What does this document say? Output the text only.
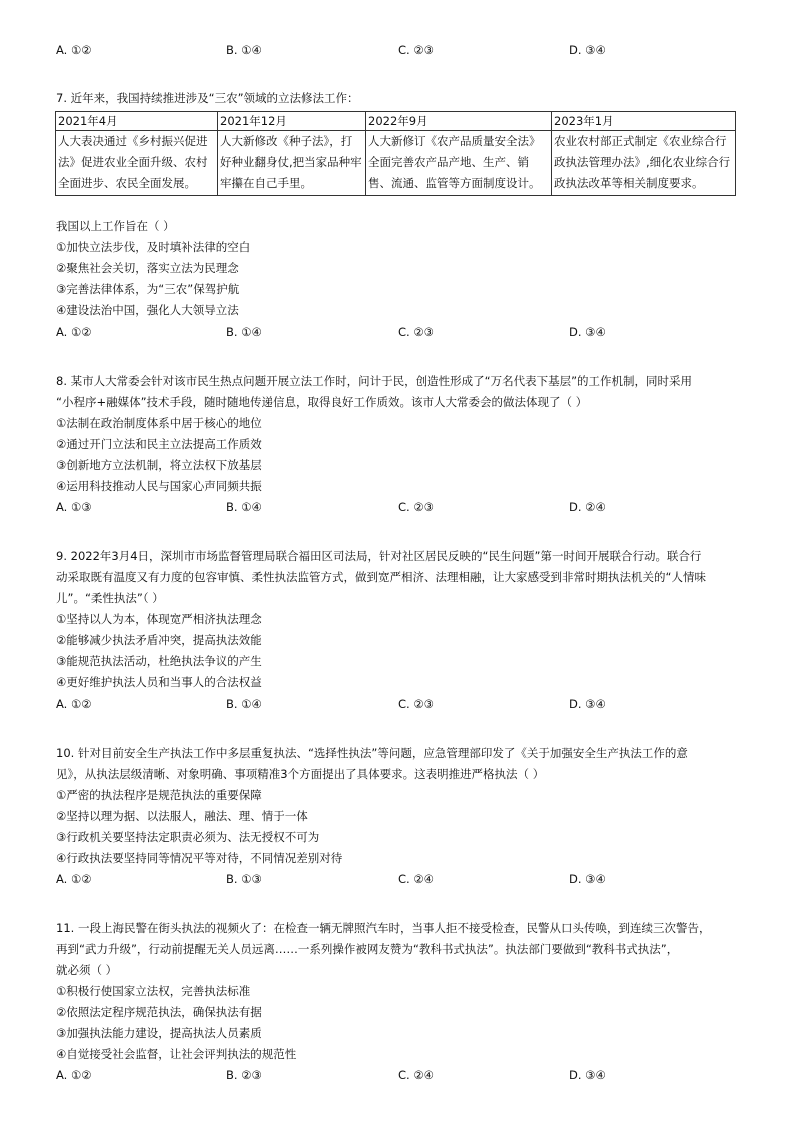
A. ①②	B. ①④	C. ②③	D. ③④
7. 近年来，我国持续推进涉及“三农”领域的立法修法工作：
2021年4月	2021年12月	2022年9月	2023年1月
人大表决通过《乡村振兴促进法》促进农业全面升级、农村全面进步、农民全面发展。	人大新修改《种子法》，打好种业翻身仗,把当家品种牢牢攥在自己手里。	人大新修订《农产品质量安全法》全面完善农产品产地、生产、销售、流通、监管等方面制度设计。	农业农村部正式制定《农业综合行政执法管理办法》,细化农业综合行政执法改革等相关制度要求。
我国以上工作旨在（ ）
①加快立法步伐，及时填补法律的空白
②聚焦社会关切，落实立法为民理念
③完善法律体系，为“三农”保驾护航
④建设法治中国，强化人大领导立法
A. ①②	B. ①④	C. ②③	D. ③④
8. 某市人大常委会针对该市民生热点问题开展立法工作时，问计于民，创造性形成了“万名代表下基层”的工作机制，同时采用
“小程序+融媒体”技术手段，随时随地传递信息，取得良好工作质效。该市人大常委会的做法体现了（ ）
①法制在政治制度体系中居于核心的地位
②通过开门立法和民主立法提高工作质效
③创新地方立法机制，将立法权下放基层
④运用科技推动人民与国家心声同频共振
A. ①③	B. ①④	C. ②③	D. ②④
9. 2022年3月4日，深圳市市场监督管理局联合福田区司法局，针对社区居民反映的“民生问题”第一时间开展联合行动。联合行
动采取既有温度又有力度的包容审慎、柔性执法监管方式，做到宽严相济、法理相融，让大家感受到非常时期执法机关的“人情味
儿”。“柔性执法”（ ）
①坚持以人为本，体现宽严相济执法理念
②能够减少执法矛盾冲突，提高执法效能
③能规范执法活动，杜绝执法争议的产生
④更好维护执法人员和当事人的合法权益
A. ①②	B. ①④	C. ②③	D. ③④
10. 针对目前安全生产执法工作中多层重复执法、“选择性执法”等问题，应急管理部印发了《关于加强安全生产执法工作的意
见》，从执法层级清晰、对象明确、事项精准3个方面提出了具体要求。这表明推进严格执法（ ）
①严密的执法程序是规范执法的重要保障
②坚持以理为据、以法服人，融法、理、情于一体
③行政机关要坚持法定职责必须为、法无授权不可为
④行政执法要坚持同等情况平等对待，不同情况差别对待
A. ①②	B. ①③	C. ②④	D. ③④
11. 一段上海民警在街头执法的视频火了：在检查一辆无牌照汽车时，当事人拒不接受检查，民警从口头传唤，到连续三次警告，
再到“武力升级”，行动前提醒无关人员远离……一系列操作被网友赞为“教科书式执法”。执法部门要做到“教科书式执法”，
就必须（ ）
①积极行使国家立法权，完善执法标准
②依照法定程序规范执法，确保执法有据
③加强执法能力建设，提高执法人员素质
④自觉接受社会监督，让社会评判执法的规范性
A. ①②	B. ②③	C. ②④	D. ③④
